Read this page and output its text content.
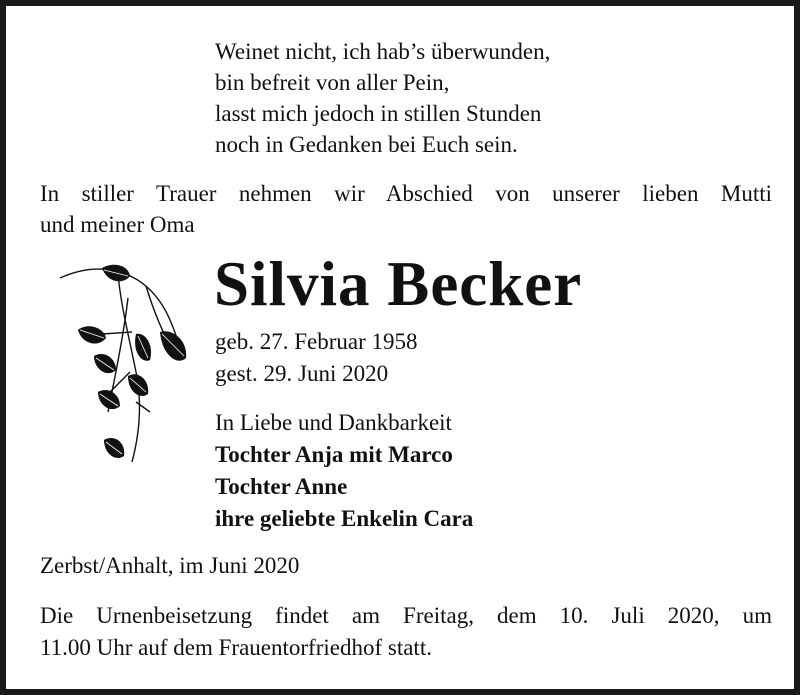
Weinet nicht, ich hab’s überwunden,
bin befreit von aller Pein,
lasst mich jedoch in stillen Stunden
noch in Gedanken bei Euch sein.
In stiller Trauer nehmen wir Abschied von unserer lieben Mutti
und meiner Oma
Silvia Becker
geb. 27. Februar 1958
gest. 29. Juni 2020
In Liebe und Dankbarkeit
Tochter Anja mit Marco
Tochter Anne
ihre geliebte Enkelin Cara
Zerbst/Anhalt, im Juni 2020
Die Urnenbeisetzung findet am Freitag, dem 10. Juli 2020, um
11.00 Uhr auf dem Frauentorfriedhof statt.
